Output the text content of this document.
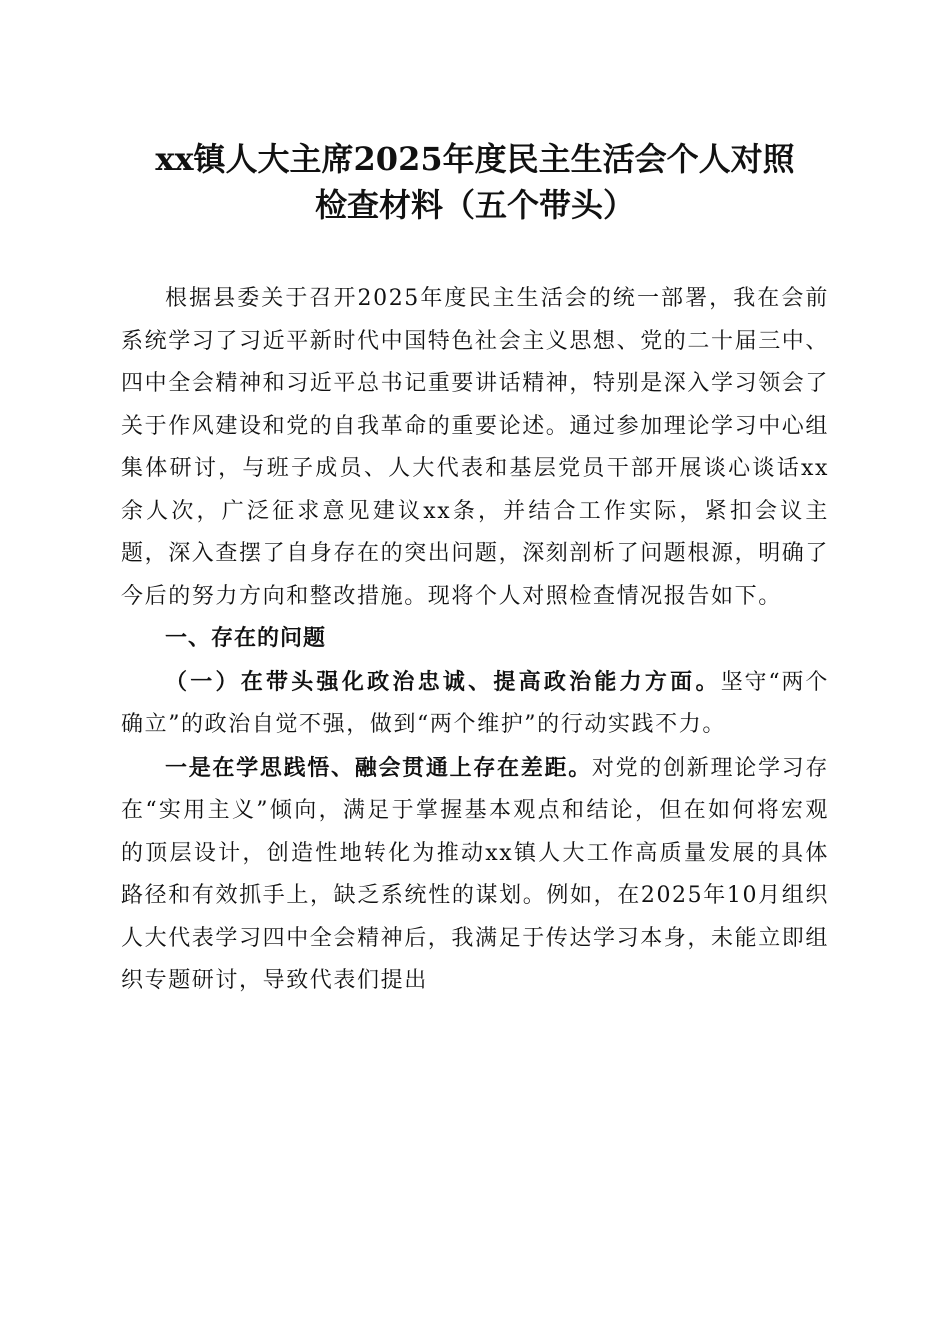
xx镇人大主席2025年度民主生活会个人对照
检查材料（五个带头）

根据县委关于召开2025年度民主生活会的统一部署，我在会前系统学习了习近平新时代中国特色社会主义思想、党的二十届三中、四中全会精神和习近平总书记重要讲话精神，特别是深入学习领会了关于作风建设和党的自我革命的重要论述。通过参加理论学习中心组集体研讨，与班子成员、人大代表和基层党员干部开展谈心谈话xx余人次，广泛征求意见建议xx条，并结合工作实际，紧扣会议主题，深入查摆了自身存在的突出问题，深刻剖析了问题根源，明确了今后的努力方向和整改措施。现将个人对照检查情况报告如下。

一、存在的问题

（一）在带头强化政治忠诚、提高政治能力方面。坚守“两个确立”的政治自觉不强，做到“两个维护”的行动实践不力。

一是在学思践悟、融会贯通上存在差距。对党的创新理论学习存在“实用主义”倾向，满足于掌握基本观点和结论，但在如何将宏观的顶层设计，创造性地转化为推动xx镇人大工作高质量发展的具体路径和有效抓手上，缺乏系统性的谋划。例如，在2025年10月组织人大代表学习四中全会精神后，我满足于传达学习本身，未能立即组织专题研讨，导致代表们提出
